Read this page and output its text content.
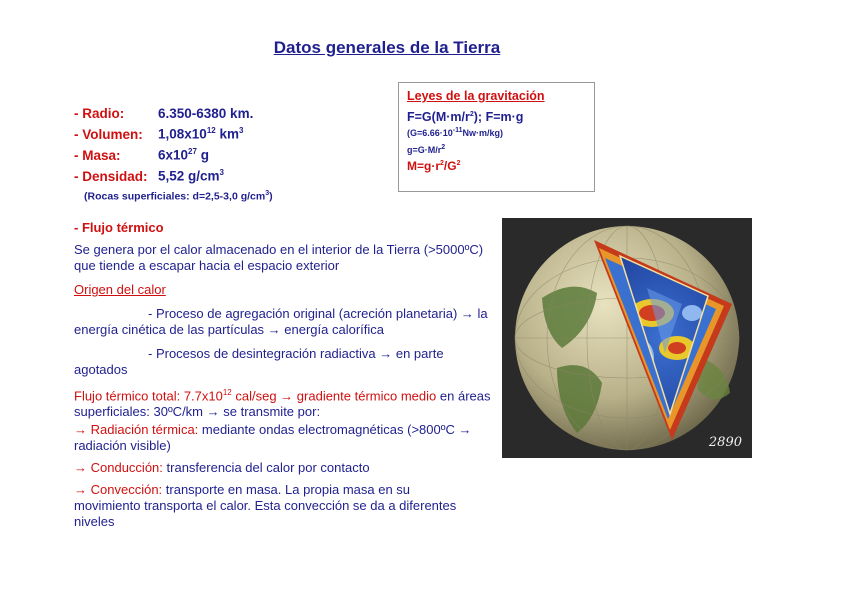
Datos generales de la Tierra
- Radio:	6.350-6380 km.
- Volumen: $1,08x10^{12}$ $km^3$
- Masa:	$6x10^{27}$ g
- Densidad: 5,52 $g/cm^3$
(Rocas superficiales: d=2,5-3,0 $g/cm^3$)
Leyes de la gravitación
$F=G(M\cdot m/r^2)$; F=m·g
$(G=6.66\cdot 10^{-11}Nw\cdot m/kg)$
$g=G\cdot M/r^2$
$M=g\cdot r^2/G^2$
- Flujo térmico
Se genera por el calor almacenado en el interior de la Tierra (>5000ºC) que tiende a escapar hacia el espacio exterior
Origen del calor
- Proceso de agregación original (acreción planetaria) → la energía cinética de las partículas → energía calorífica
- Procesos de desintegración radiactiva → en parte agotados
Flujo térmico total: $7.7x10^{12}$ cal/seg → gradiente térmico medio en áreas superficiales: 30ºC/km → se transmite por:
→ Radiación térmica: mediante ondas electromagnéticas (>800ºC → radiación visible)
→ Conducción: transferencia del calor por contacto
→ Convección: transporte en masa. La propia masa en su movimiento transporta el calor. Esta convección se da a diferentes niveles
2890
